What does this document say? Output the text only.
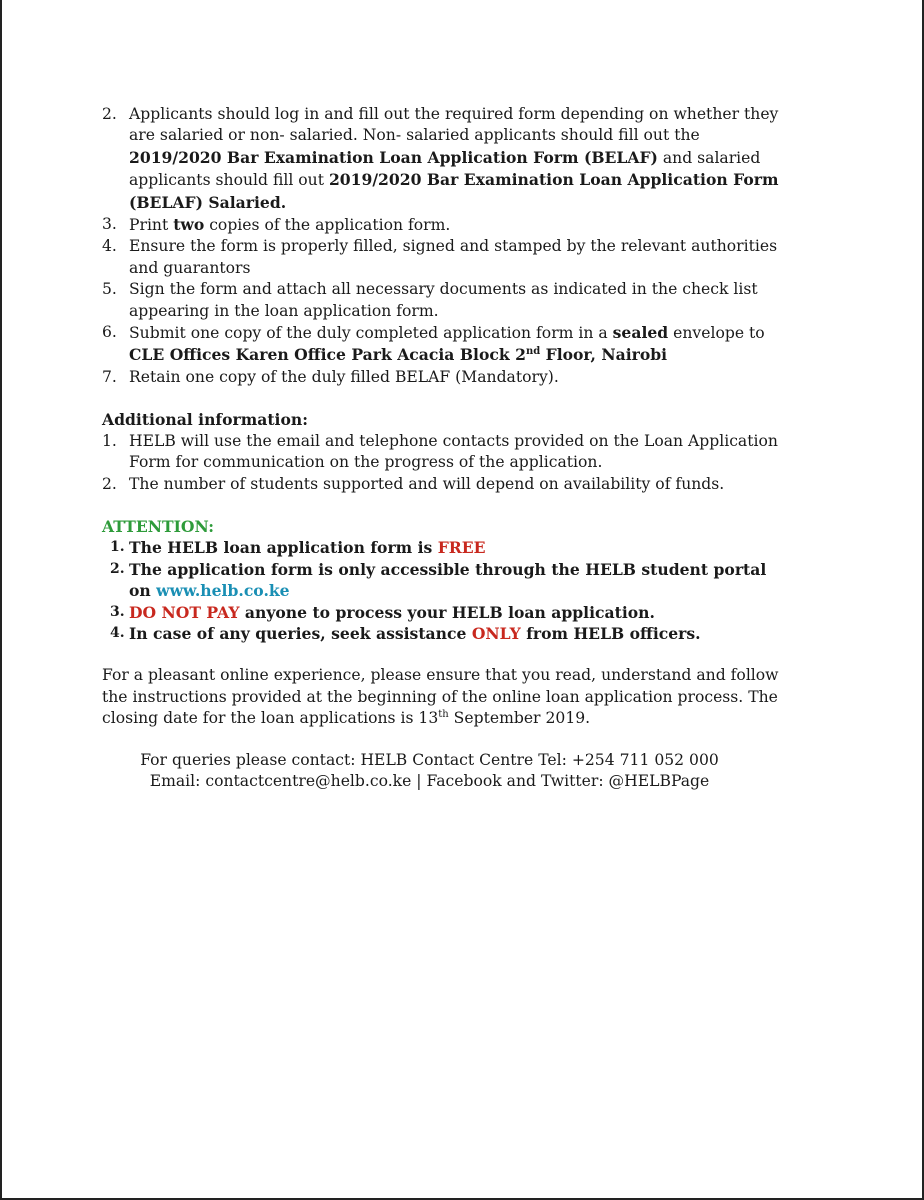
2. Applicants should log in and fill out the required form depending on whether they are salaried or non- salaried. Non- salaried applicants should fill out the 2019/2020 Bar Examination Loan Application Form (BELAF) and salaried applicants should fill out 2019/2020 Bar Examination Loan Application Form (BELAF) Salaried.
3. Print two copies of the application form.
4. Ensure the form is properly filled, signed and stamped by the relevant authorities and guarantors
5. Sign the form and attach all necessary documents as indicated in the check list appearing in the loan application form.
6. Submit one copy of the duly completed application form in a sealed envelope to CLE Offices Karen Office Park Acacia Block 2nd Floor, Nairobi
7. Retain one copy of the duly filled BELAF (Mandatory).
Additional information:
1. HELB will use the email and telephone contacts provided on the Loan Application Form for communication on the progress of the application.
2. The number of students supported and will depend on availability of funds.
ATTENTION:
1. The HELB loan application form is FREE
2. The application form is only accessible through the HELB student portal on www.helb.co.ke
3. DO NOT PAY anyone to process your HELB loan application.
4. In case of any queries, seek assistance ONLY from HELB officers.

For a pleasant online experience, please ensure that you read, understand and follow the instructions provided at the beginning of the online loan application process. The closing date for the loan applications is 13th September 2019.

For queries please contact: HELB Contact Centre Tel: +254 711 052 000
Email: contactcentre@helb.co.ke | Facebook and Twitter: @HELBPage
